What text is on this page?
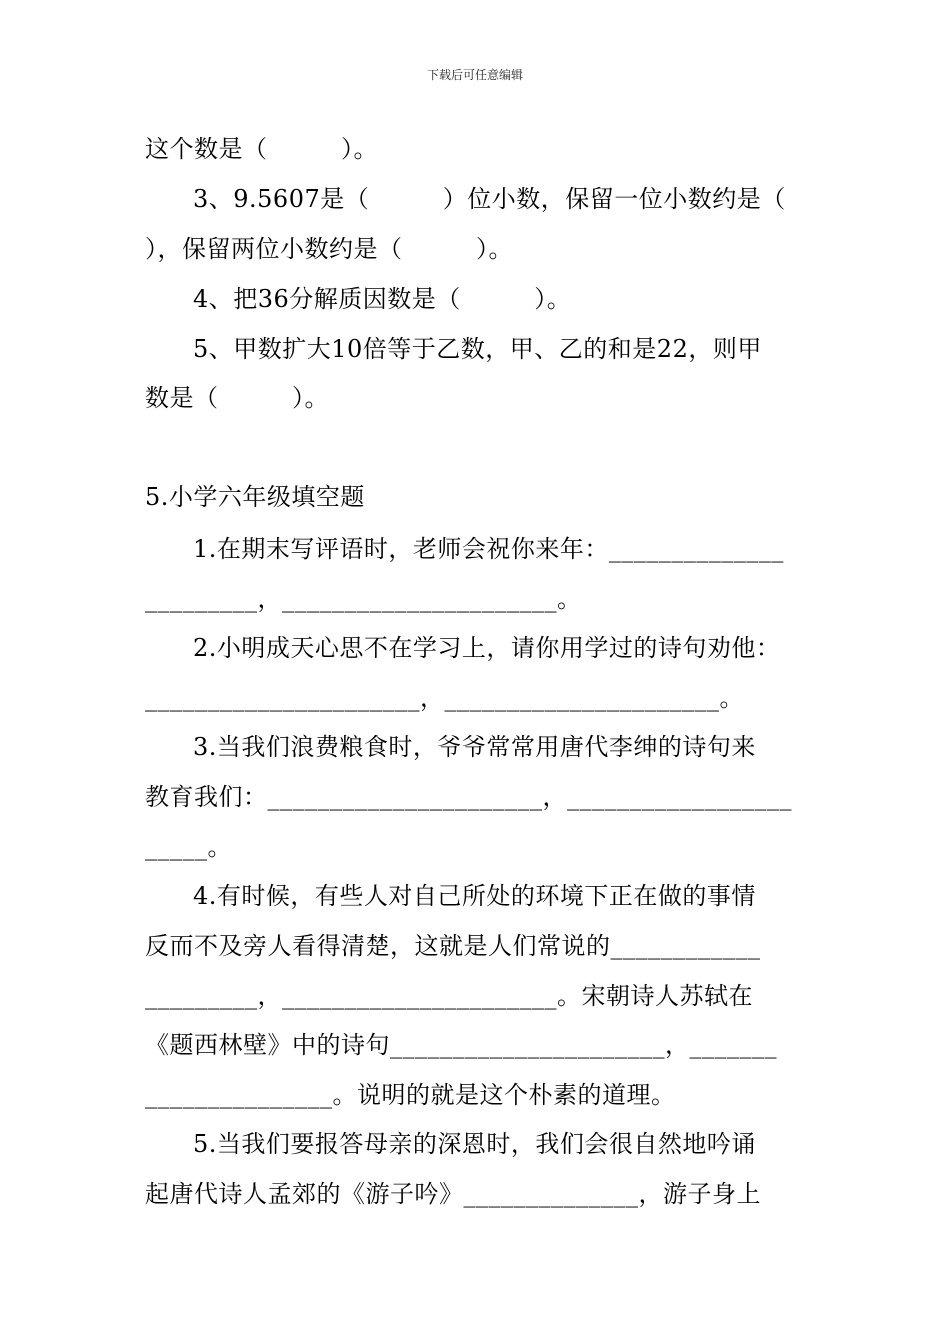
下载后可任意编辑
这个数是（　　　）。
3、9.5607是（　　　）位小数，保留一位小数约是（
），保留两位小数约是（　　　）。
4、把36分解质因数是（　　　）。
5、甲数扩大10倍等于乙数，甲、乙的和是22，则甲
数是（　　　）。
5.小学六年级填空题
1.在期末写评语时，老师会祝你来年：______________
_________，______________________。
2.小明成天心思不在学习上，请你用学过的诗句劝他：
______________________，______________________。
3.当我们浪费粮食时，爷爷常常用唐代李绅的诗句来
教育我们：______________________，__________________
_____。
4.有时候，有些人对自己所处的环境下正在做的事情
反而不及旁人看得清楚，这就是人们常说的____________
_________，______________________。宋朝诗人苏轼在
《题西林壁》中的诗句______________________，_______
_______________。说明的就是这个朴素的道理。
5.当我们要报答母亲的深恩时，我们会很自然地吟诵
起唐代诗人孟郊的《游子吟》______________，游子身上
